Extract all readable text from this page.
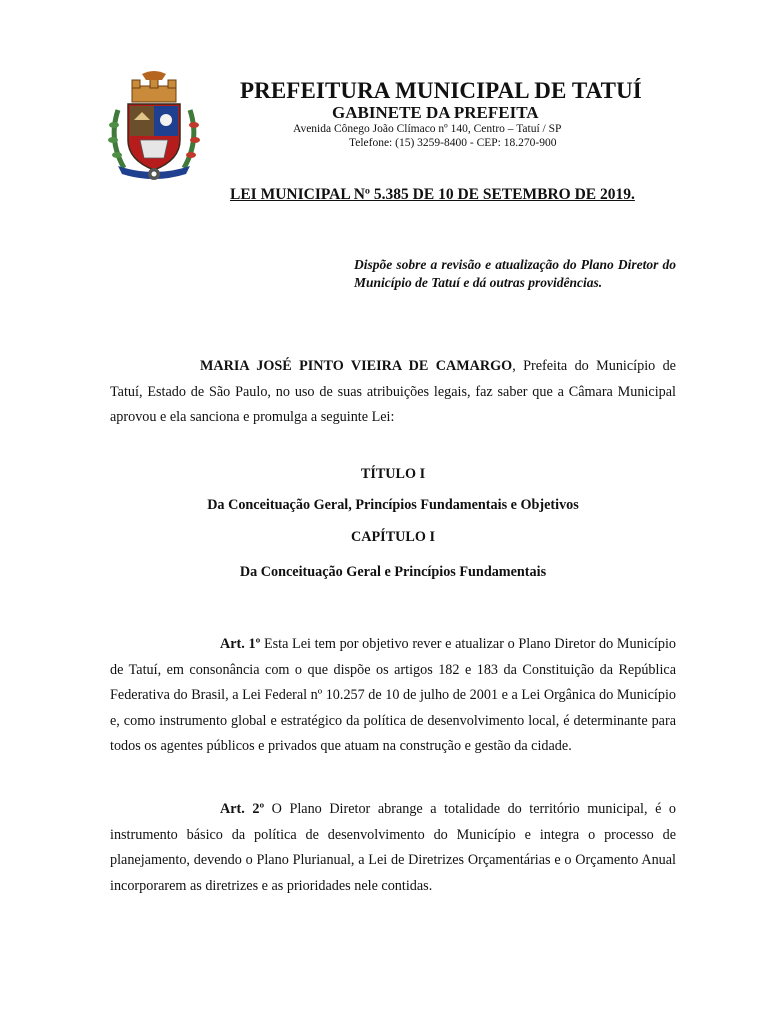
PREFEITURA MUNICIPAL DE TATUÍ
GABINETE DA PREFEITA
Avenida Cônego João Clímaco nº 140, Centro – Tatuí / SP
Telefone: (15) 3259-8400 - CEP: 18.270-900
LEI MUNICIPAL Nº 5.385 DE 10 DE SETEMBRO DE 2019.
Dispõe sobre a revisão e atualização do Plano Diretor do Município de Tatuí e dá outras providências.
MARIA JOSÉ PINTO VIEIRA DE CAMARGO, Prefeita do Município de Tatuí, Estado de São Paulo, no uso de suas atribuições legais, faz saber que a Câmara Municipal aprovou e ela sanciona e promulga a seguinte Lei:
TÍTULO I
Da Conceituação Geral, Princípios Fundamentais e Objetivos
CAPÍTULO I
Da Conceituação Geral e Princípios Fundamentais
Art. 1º Esta Lei tem por objetivo rever e atualizar o Plano Diretor do Município de Tatuí, em consonância com o que dispõe os artigos 182 e 183 da Constituição da República Federativa do Brasil, a Lei Federal nº 10.257 de 10 de julho de 2001 e a Lei Orgânica do Município e, como instrumento global e estratégico da política de desenvolvimento local, é determinante para todos os agentes públicos e privados que atuam na construção e gestão da cidade.
Art. 2º O Plano Diretor abrange a totalidade do território municipal, é o instrumento básico da política de desenvolvimento do Município e integra o processo de planejamento, devendo o Plano Plurianual, a Lei de Diretrizes Orçamentárias e o Orçamento Anual incorporarem as diretrizes e as prioridades nele contidas.
